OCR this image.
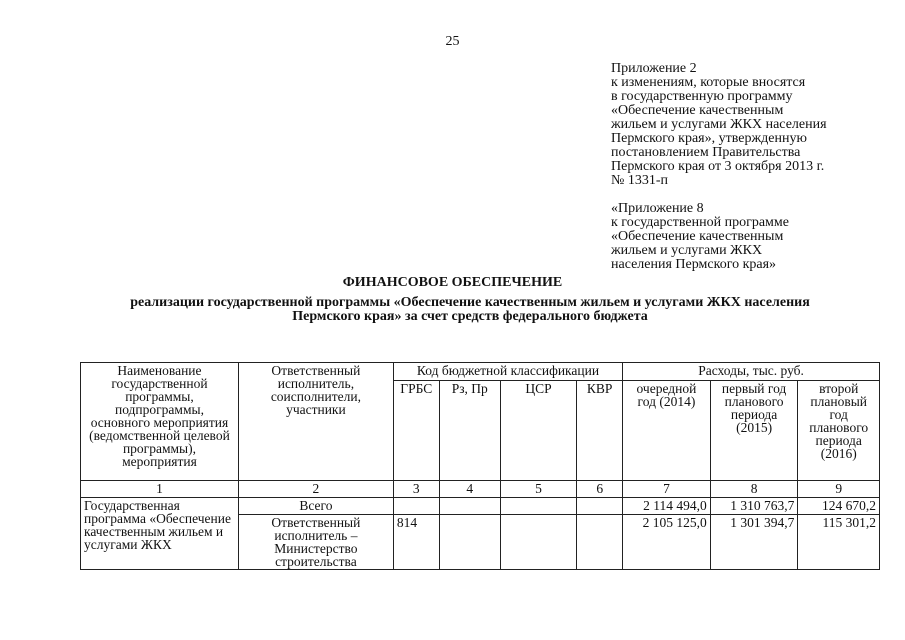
25

Приложение 2

к изменениям, которые вносятся

в государственную программу

«Обеспечение качественным

жильем и услугами ЖКХ населения

Пермского края», утвержденную

постановлением Правительства

Пермского края от 3 октября 2013 г.

№ 1331-п

«Приложение 8

к государственной программе

«Обеспечение качественным

жильем и услугами ЖКХ

населения Пермского края»

ФИНАНСОВОЕ ОБЕСПЕЧЕНИЕ
реализации государственной программы «Обеспечение качественным жильем и услугами ЖКХ населения Пермского края» за счет средств федерального бюджета
Наименование государственной программы, подпрограммы, основного мероприятия (ведомственной целевой программы), мероприятия	Ответственный исполнитель, соисполнители, участники	Код бюджетной классификации				Расходы, тыс. руб.		
		ГРБС	Рз, Пр	ЦСР	КВР	очередной год (2014)	первый год планового периода (2015)	второй плановый год планового периода (2016)
1	2	3	4	5	6	7	8	9
Государственная программа «Обеспечение качественным жильем и услугами ЖКХ	Всего					2 114 494,0	1 310 763,7	124 670,2
	Ответственный исполнитель – Министерство строительства	814				2 105 125,0	1 301 394,7	115 301,2
